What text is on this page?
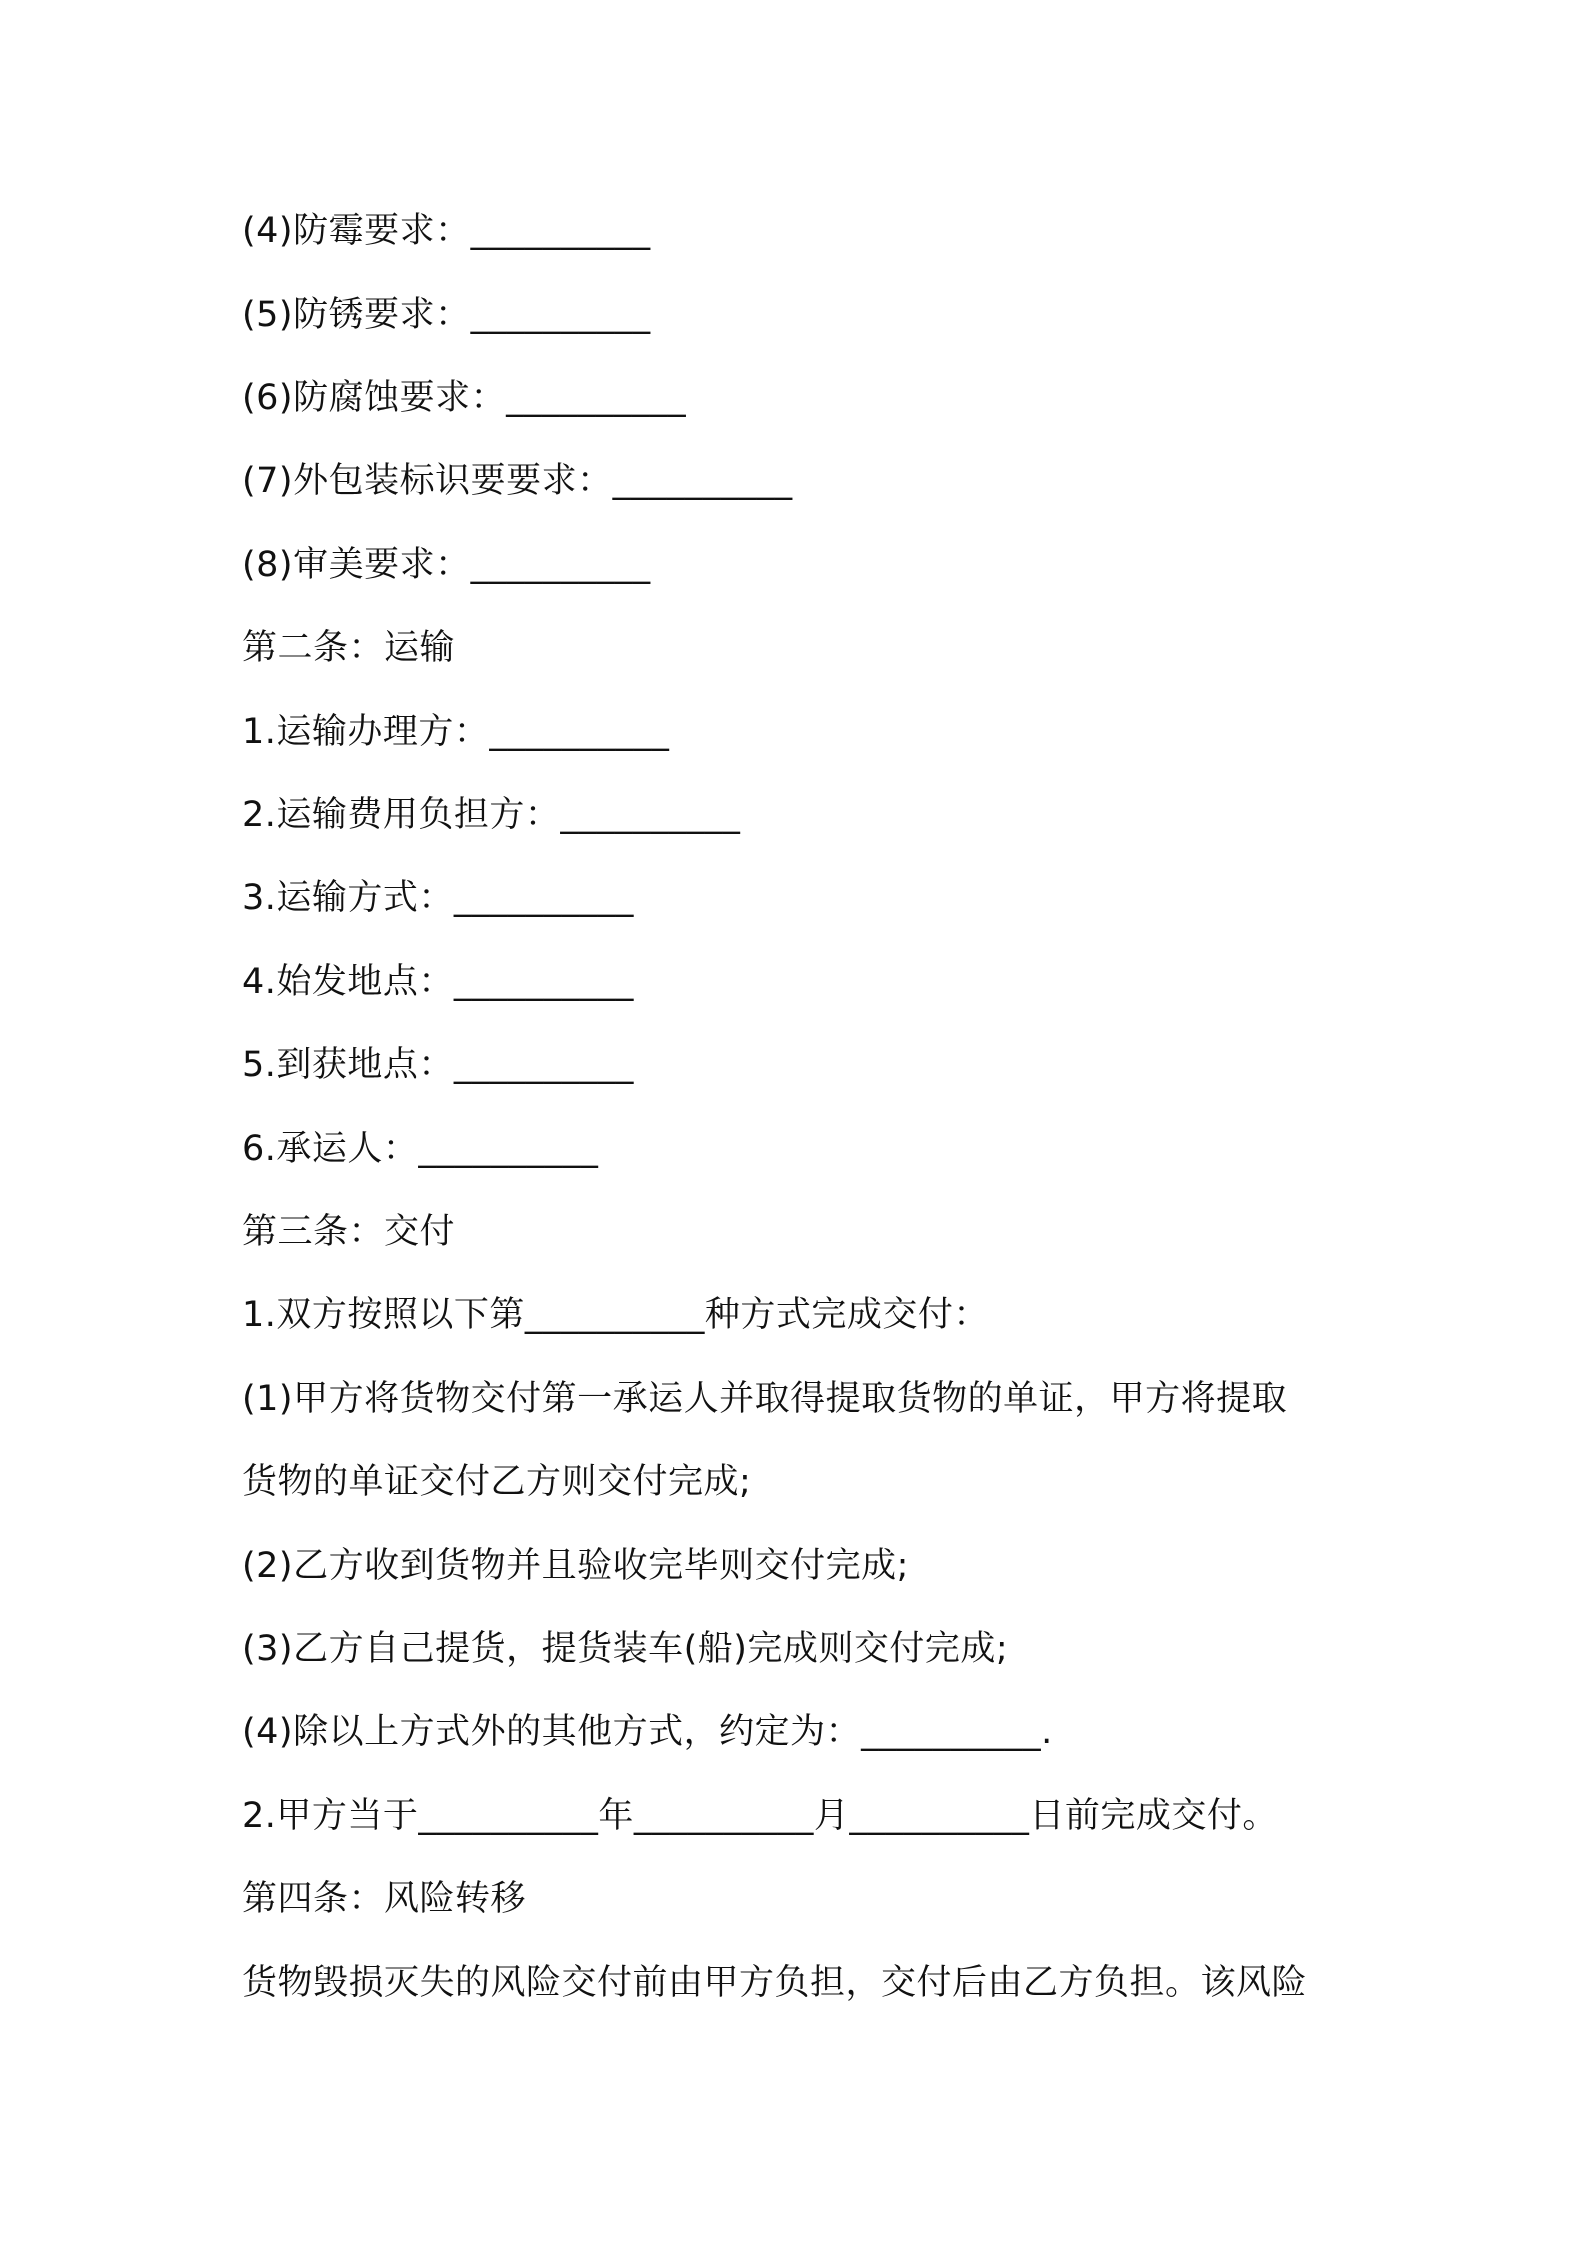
(4)防霉要求：__________
(5)防锈要求：__________
(6)防腐蚀要求：__________
(7)外包装标识要要求：__________
(8)审美要求：__________
第二条：运输
1.运输办理方：__________
2.运输费用负担方：__________
3.运输方式：__________
4.始发地点：__________
5.到获地点：__________
6.承运人：__________
第三条：交付
1.双方按照以下第__________种方式完成交付：
(1)甲方将货物交付第一承运人并取得提取货物的单证，甲方将提取
货物的单证交付乙方则交付完成;
(2)乙方收到货物并且验收完毕则交付完成;
(3)乙方自己提货，提货装车(船)完成则交付完成;
(4)除以上方式外的其他方式，约定为：__________.
2.甲方当于__________年__________月__________日前完成交付。
第四条：风险转移
货物毁损灭失的风险交付前由甲方负担，交付后由乙方负担。该风险
